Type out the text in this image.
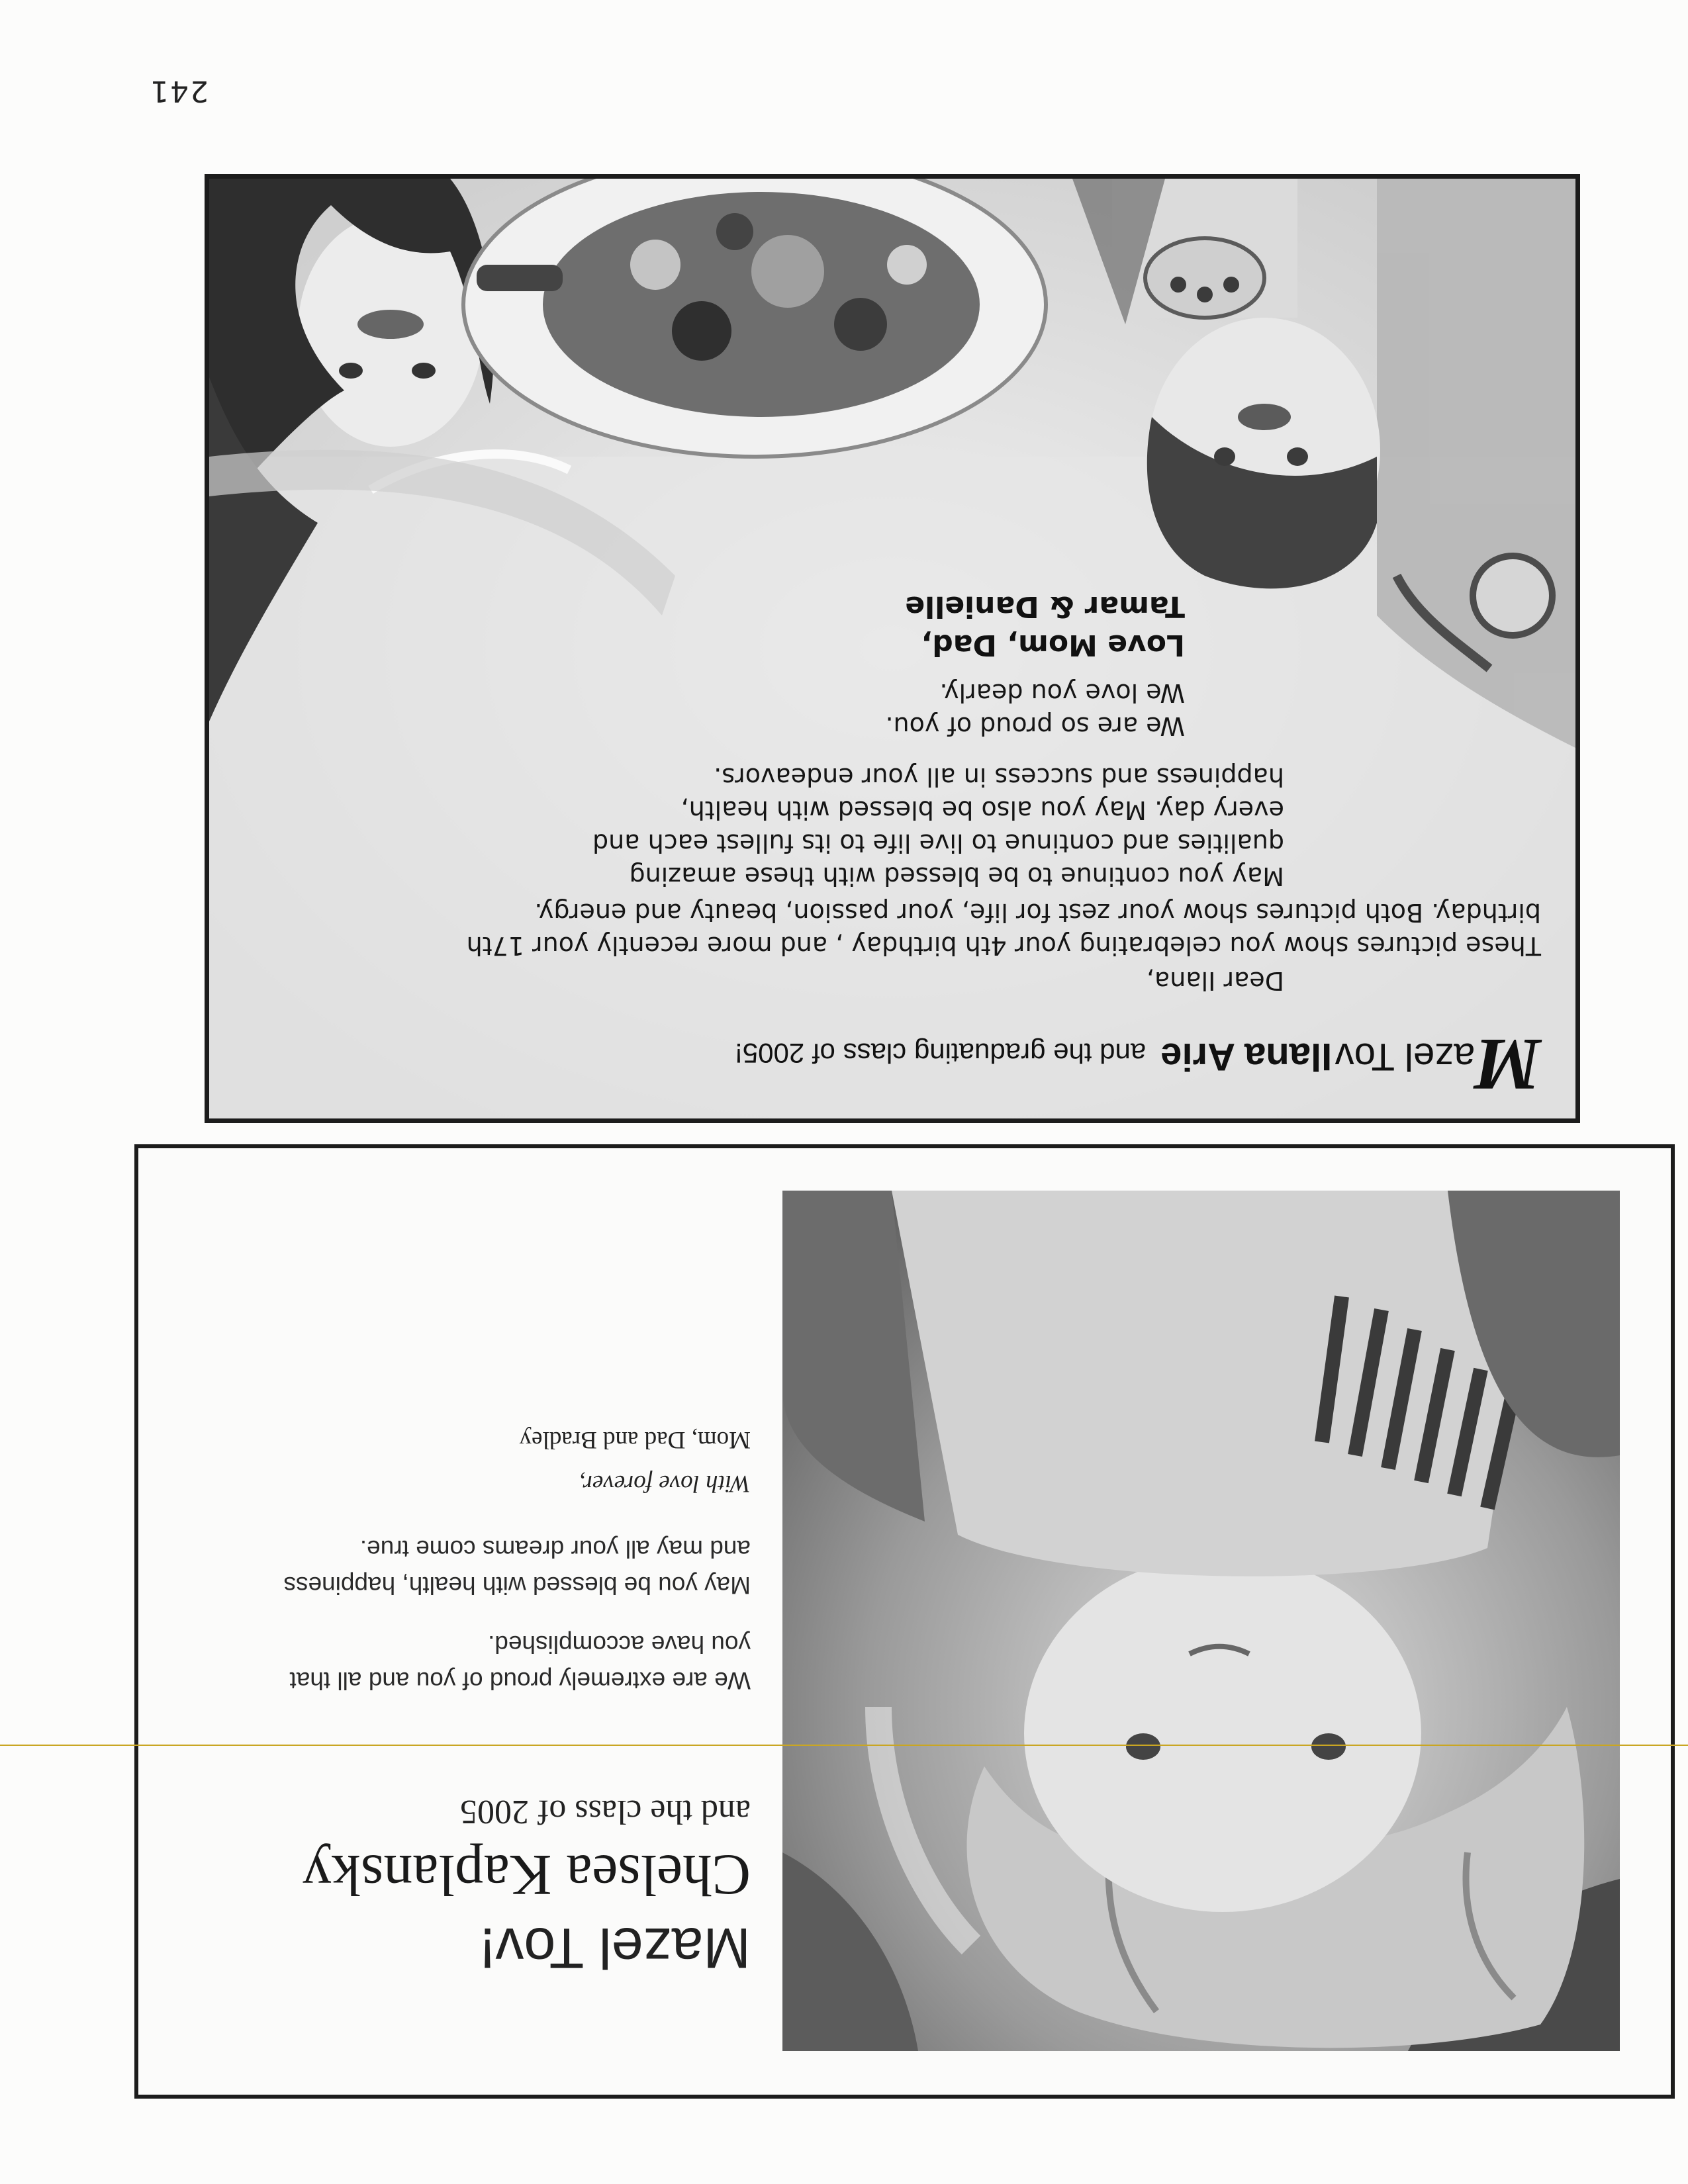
241
Mazel Tov Ilana Arieand the graduating class of 2005!
Dear Ilana,
These pictures show you celebrating your 4th birthday , and more recently your 17th
birthday. Both pictures show your zest for life, your passion, beauty and energy.
May you continue to be blessed with these amazing
qualities and continue to live life to its fullest each and
every day. May you also be blessed with health,
happiness and success in all your endeavors.
We are so proud of you.
We love you dearly.
Love Mom, Dad,
Tamar & Danielle
Mazel Tov!
Chelsea Kaplansky
and the class of 2005
We are extremely proud of you and all that
you have accomplished.
May you be blessed with health, happiness
and may all your dreams come true.
With love forever,
Mom, Dad and Bradley
